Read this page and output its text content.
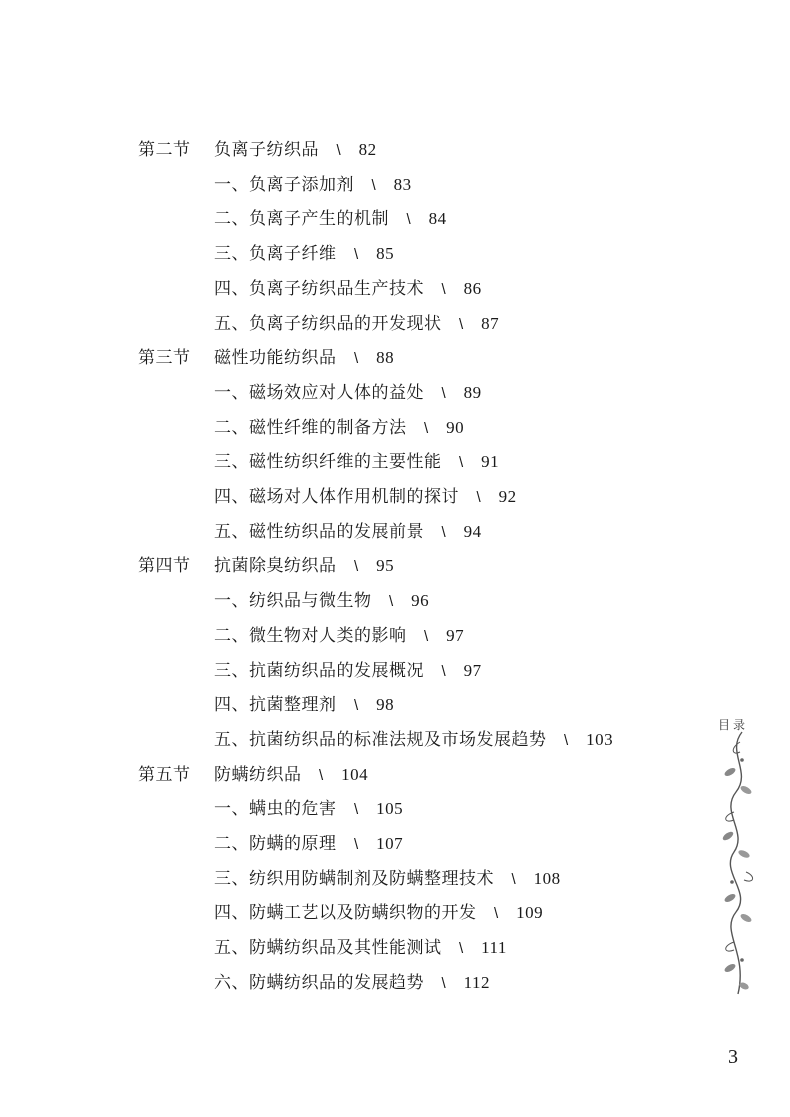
第二节 负离子纺织品  \  82
一、负离子添加剂  \  83
二、负离子产生的机制  \  84
三、负离子纤维  \  85
四、负离子纺织品生产技术  \  86
五、负离子纺织品的开发现状  \  87
第三节 磁性功能纺织品  \  88
一、磁场效应对人体的益处  \  89
二、磁性纤维的制备方法  \  90
三、磁性纺织纤维的主要性能  \  91
四、磁场对人体作用机制的探讨  \  92
五、磁性纺织品的发展前景  \  94
第四节 抗菌除臭纺织品  \  95
一、纺织品与微生物  \  96
二、微生物对人类的影响  \  97
三、抗菌纺织品的发展概况  \  97
四、抗菌整理剂  \  98
五、抗菌纺织品的标准法规及市场发展趋势  \  103
第五节 防螨纺织品  \  104
一、螨虫的危害  \  105
二、防螨的原理  \  107
三、纺织用防螨制剂及防螨整理技术  \  108
四、防螨工艺以及防螨织物的开发  \  109
五、防螨纺织品及其性能测试  \  111
六、防螨纺织品的发展趋势  \  112
目录
3
